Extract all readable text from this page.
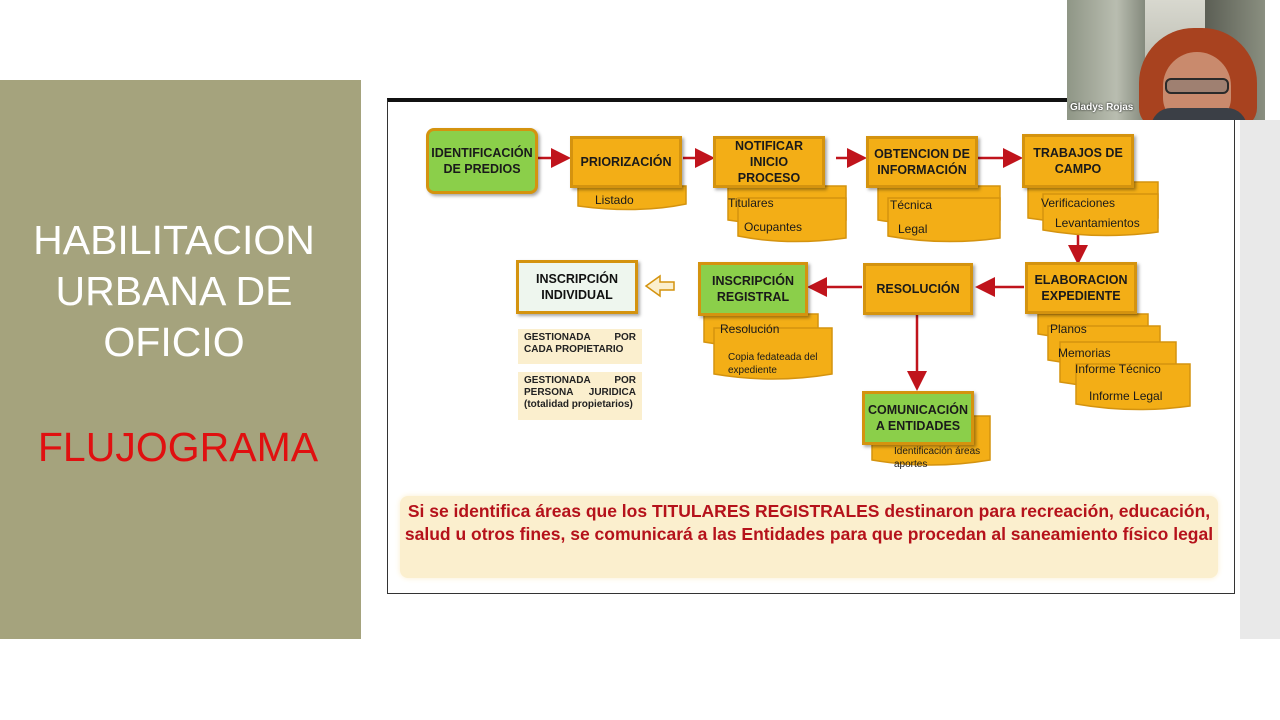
HABILITACION
URBANA DE
OFICIO
FLUJOGRAMA
IDENTIFICACIÓN
DE PREDIOS	PRIORIZACIÓN
Listado
NOTIFICAR INICIO
PROCESO
Titulares
Ocupantes
OBTENCION DE
INFORMACIÓN
Técnica
Legal
TRABAJOS DE
CAMPO
Verificaciones
Levantamientos
ELABORACION
EXPEDIENTE
Planos
Memorias
Informe Técnico
Informe Legal
RESOLUCIÓN
INSCRIPCIÓN
REGISTRAL
Resolución
Copia fedateada del
expediente
INSCRIPCIÓN
INDIVIDUAL
GESTIONADA POR
CADA PROPIETARIO
GESTIONADA POR
PERSONA JURIDICA
(totalidad propietarios)	COMUNICACIÓN
A ENTIDADES
Identificación áreas
aportes
Si se identifica áreas que los TITULARES REGISTRALES destinaron para recreación, educación, salud u otros fines, se comunicará a las Entidades para que procedan al saneamiento físico legal
Gladys Rojas
